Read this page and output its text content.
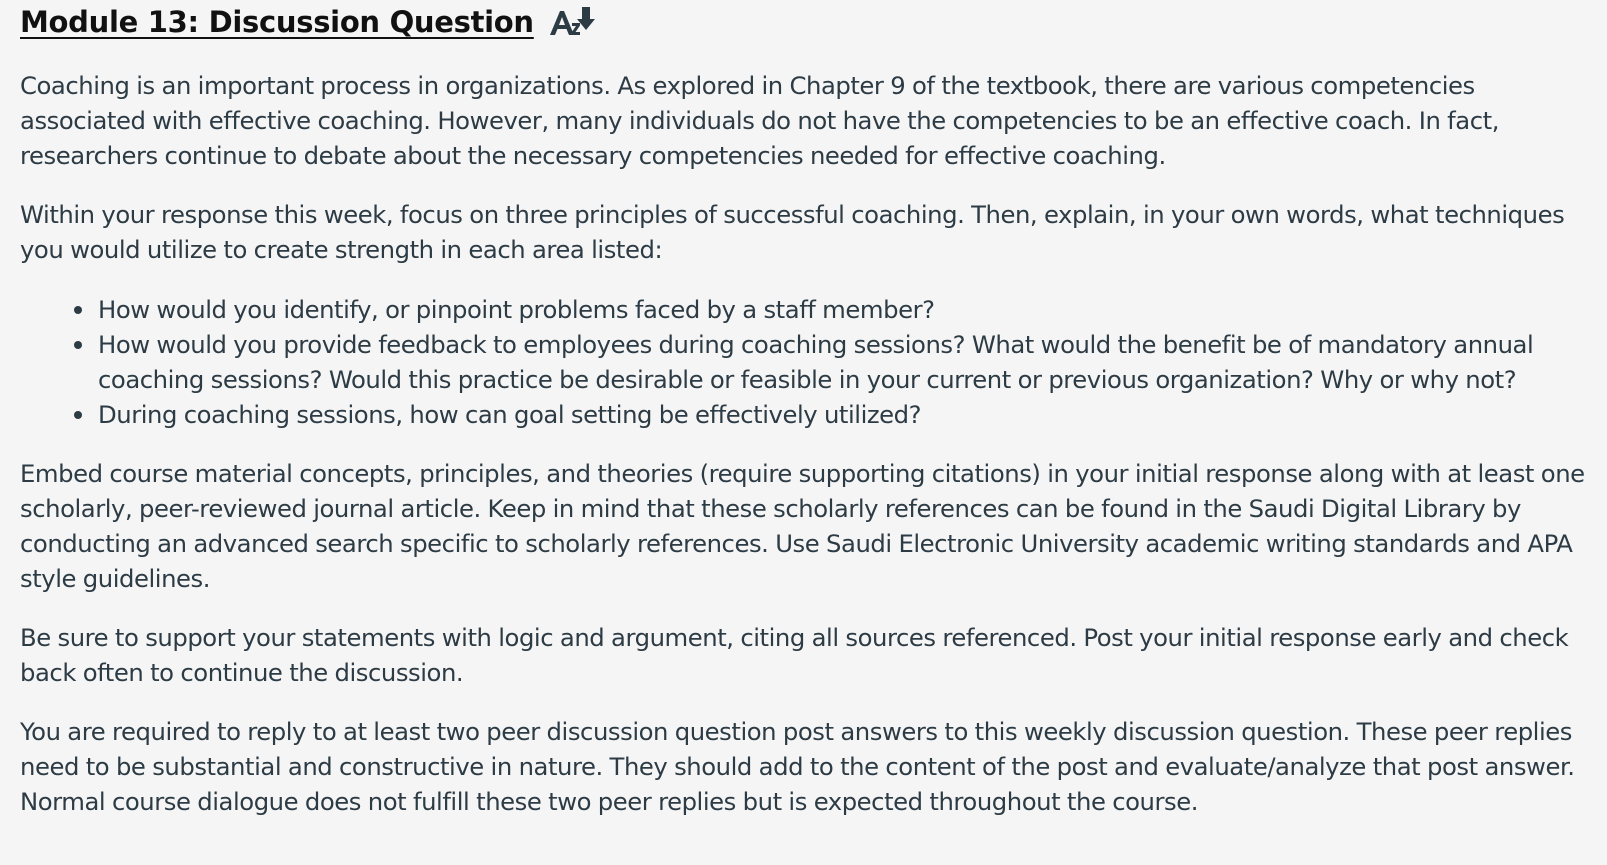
Module 13: Discussion Question

Coaching is an important process in organizations. As explored in Chapter 9 of the textbook, there are various competencies associated with effective coaching. However, many individuals do not have the competencies to be an effective coach. In fact, researchers continue to debate about the necessary competencies needed for effective coaching.

Within your response this week, focus on three principles of successful coaching. Then, explain, in your own words, what techniques you would utilize to create strength in each area listed:

How would you identify, or pinpoint problems faced by a staff member?
How would you provide feedback to employees during coaching sessions? What would the benefit be of mandatory annual coaching sessions? Would this practice be desirable or feasible in your current or previous organization? Why or why not?
During coaching sessions, how can goal setting be effectively utilized?

Embed course material concepts, principles, and theories (require supporting citations) in your initial response along with at least one scholarly, peer-reviewed journal article. Keep in mind that these scholarly references can be found in the Saudi Digital Library by conducting an advanced search specific to scholarly references. Use Saudi Electronic University academic writing standards and APA style guidelines.

Be sure to support your statements with logic and argument, citing all sources referenced. Post your initial response early and check back often to continue the discussion.

You are required to reply to at least two peer discussion question post answers to this weekly discussion question. These peer replies need to be substantial and constructive in nature. They should add to the content of the post and evaluate/analyze that post answer. Normal course dialogue does not fulfill these two peer replies but is expected throughout the course.
